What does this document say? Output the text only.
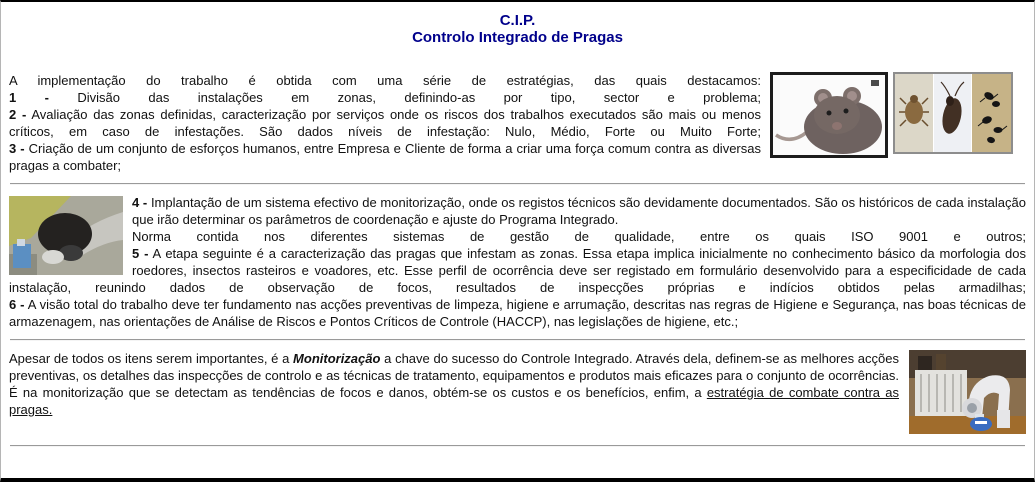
C.I.P.
Controlo Integrado de Pragas

A implementação do trabalho é obtida com uma série de estratégias, das quais destacamos:

1 - Divisão das instalações em zonas, definindo-as por tipo, sector e problema;

2 - Avaliação das zonas definidas, caracterização por serviços onde os riscos dos trabalhos executados são mais ou menos críticos, em caso de infestações. São dados níveis de infestação: Nulo, Médio, Forte ou Muito Forte;

3 - Criação de um conjunto de esforços humanos, entre Empresa e Cliente de forma a criar uma força comum contra as diversas pragas a combater;

4 - Implantação de um sistema efectivo de monitorização, onde os registos técnicos são devidamente documentados. São os históricos de cada instalação que irão determinar os parâmetros de coordenação e ajuste do Programa Integrado.

Norma contida nos diferentes sistemas de gestão de qualidade, entre os quais ISO 9001 e outros;

5 - A etapa seguinte é a caracterização das pragas que infestam as zonas. Essa etapa implica inicialmente no conhecimento básico da morfologia dos roedores, insectos rasteiros e voadores, etc. Esse perfil de ocorrência deve ser registado em formulário desenvolvido para a especificidade de cada instalação, reunindo dados de observação de focos, resultados de inspecções próprias e indícios obtidos pelas armadilhas;

6 - A visão total do trabalho deve ter fundamento nas acções preventivas de limpeza, higiene e arrumação, descritas nas regras de Higiene e Segurança, nas boas técnicas de armazenagem, nas orientações de Análise de Riscos e Pontos Críticos de Controle (HACCP), nas legislações de higiene, etc.;

Apesar de todos os itens serem importantes, é a Monitorização a chave do sucesso do Controle Integrado. Através dela, definem-se as melhores acções preventivas, os detalhes das inspecções de controlo e as técnicas de tratamento, equipamentos e produtos mais eficazes para o conjunto de ocorrências. É na monitorização que se detectam as tendências de focos e danos, obtém-se os custos e os benefícios, enfim, a estratégia de combate contra as pragas.
